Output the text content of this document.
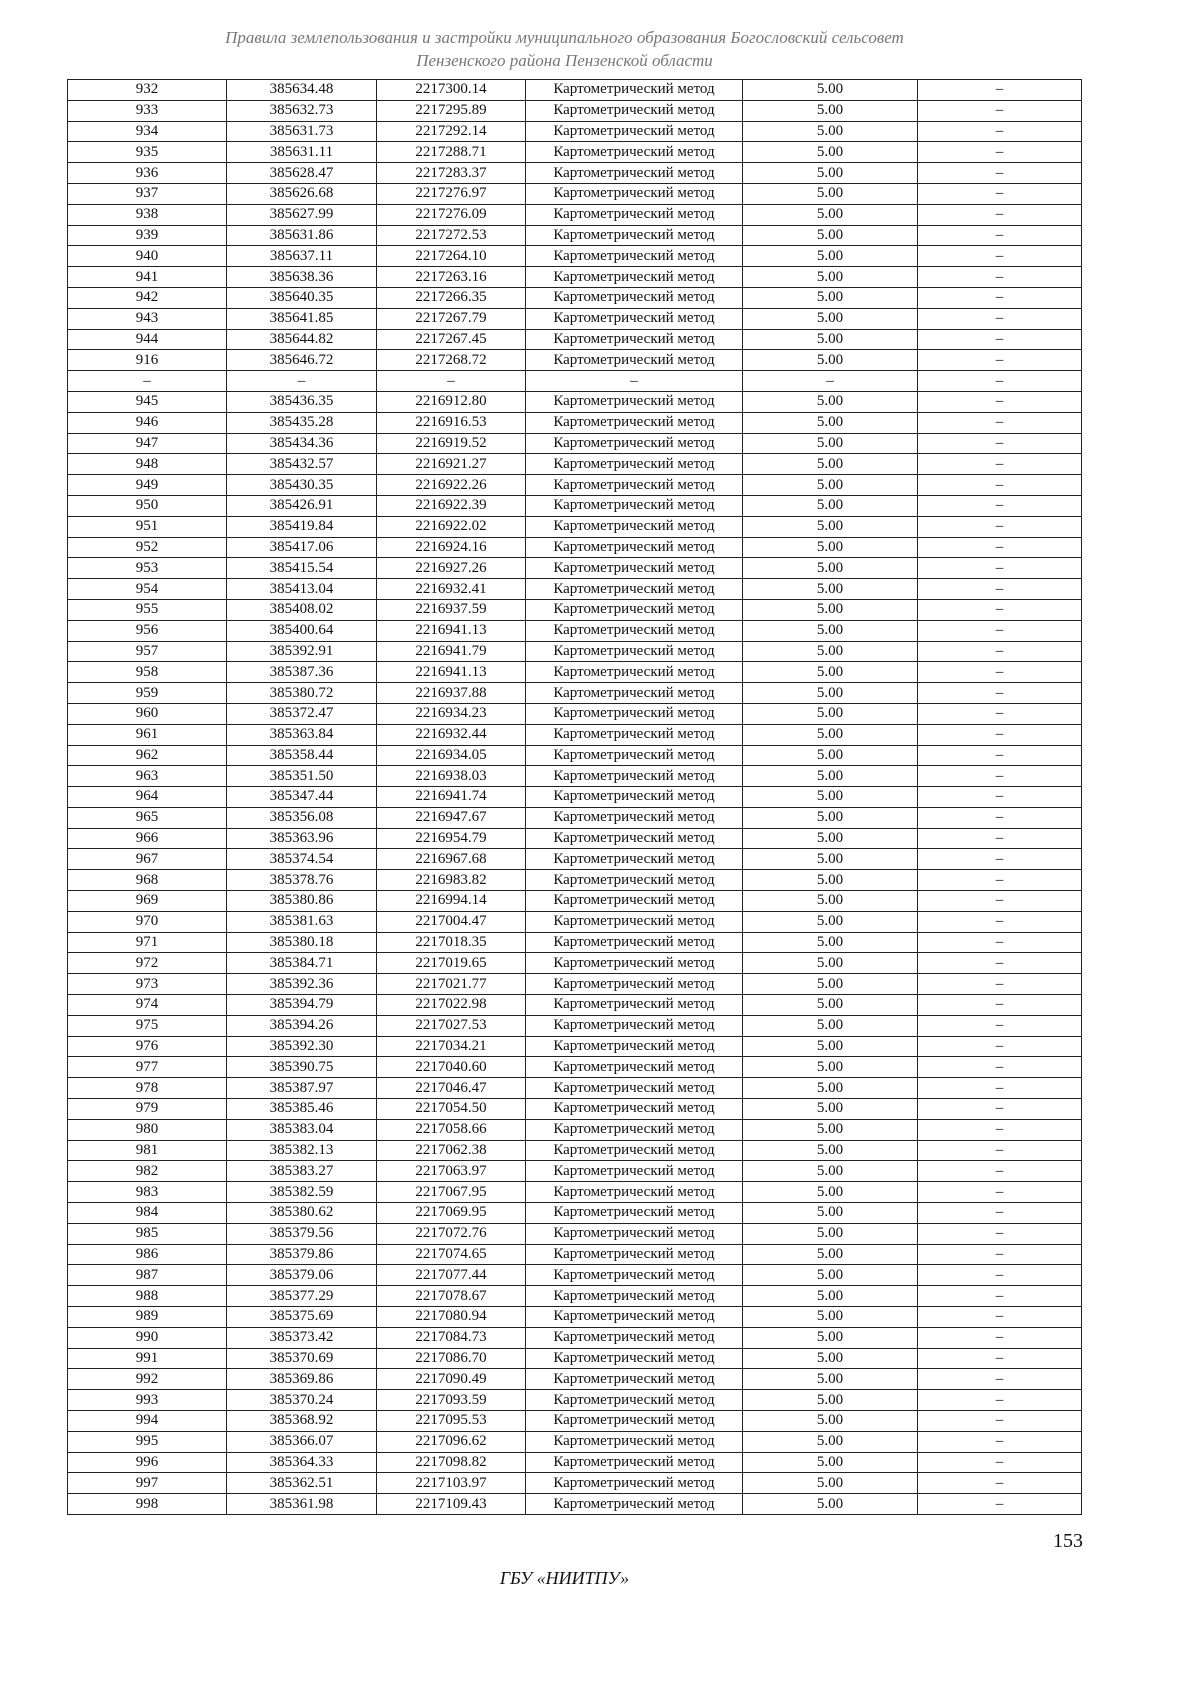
Правила землепользования и застройки муниципального образования Богословский сельсовет
Пензенского района Пензенской области
932	385634.48	2217300.14	Картометрический метод	5.00	–
933	385632.73	2217295.89	Картометрический метод	5.00	–
934	385631.73	2217292.14	Картометрический метод	5.00	–
935	385631.11	2217288.71	Картометрический метод	5.00	–
936	385628.47	2217283.37	Картометрический метод	5.00	–
937	385626.68	2217276.97	Картометрический метод	5.00	–
938	385627.99	2217276.09	Картометрический метод	5.00	–
939	385631.86	2217272.53	Картометрический метод	5.00	–
940	385637.11	2217264.10	Картометрический метод	5.00	–
941	385638.36	2217263.16	Картометрический метод	5.00	–
942	385640.35	2217266.35	Картометрический метод	5.00	–
943	385641.85	2217267.79	Картометрический метод	5.00	–
944	385644.82	2217267.45	Картометрический метод	5.00	–
916	385646.72	2217268.72	Картометрический метод	5.00	–
–	–	–	–	–	–
945	385436.35	2216912.80	Картометрический метод	5.00	–
946	385435.28	2216916.53	Картометрический метод	5.00	–
947	385434.36	2216919.52	Картометрический метод	5.00	–
948	385432.57	2216921.27	Картометрический метод	5.00	–
949	385430.35	2216922.26	Картометрический метод	5.00	–
950	385426.91	2216922.39	Картометрический метод	5.00	–
951	385419.84	2216922.02	Картометрический метод	5.00	–
952	385417.06	2216924.16	Картометрический метод	5.00	–
953	385415.54	2216927.26	Картометрический метод	5.00	–
954	385413.04	2216932.41	Картометрический метод	5.00	–
955	385408.02	2216937.59	Картометрический метод	5.00	–
956	385400.64	2216941.13	Картометрический метод	5.00	–
957	385392.91	2216941.79	Картометрический метод	5.00	–
958	385387.36	2216941.13	Картометрический метод	5.00	–
959	385380.72	2216937.88	Картометрический метод	5.00	–
960	385372.47	2216934.23	Картометрический метод	5.00	–
961	385363.84	2216932.44	Картометрический метод	5.00	–
962	385358.44	2216934.05	Картометрический метод	5.00	–
963	385351.50	2216938.03	Картометрический метод	5.00	–
964	385347.44	2216941.74	Картометрический метод	5.00	–
965	385356.08	2216947.67	Картометрический метод	5.00	–
966	385363.96	2216954.79	Картометрический метод	5.00	–
967	385374.54	2216967.68	Картометрический метод	5.00	–
968	385378.76	2216983.82	Картометрический метод	5.00	–
969	385380.86	2216994.14	Картометрический метод	5.00	–
970	385381.63	2217004.47	Картометрический метод	5.00	–
971	385380.18	2217018.35	Картометрический метод	5.00	–
972	385384.71	2217019.65	Картометрический метод	5.00	–
973	385392.36	2217021.77	Картометрический метод	5.00	–
974	385394.79	2217022.98	Картометрический метод	5.00	–
975	385394.26	2217027.53	Картометрический метод	5.00	–
976	385392.30	2217034.21	Картометрический метод	5.00	–
977	385390.75	2217040.60	Картометрический метод	5.00	–
978	385387.97	2217046.47	Картометрический метод	5.00	–
979	385385.46	2217054.50	Картометрический метод	5.00	–
980	385383.04	2217058.66	Картометрический метод	5.00	–
981	385382.13	2217062.38	Картометрический метод	5.00	–
982	385383.27	2217063.97	Картометрический метод	5.00	–
983	385382.59	2217067.95	Картометрический метод	5.00	–
984	385380.62	2217069.95	Картометрический метод	5.00	–
985	385379.56	2217072.76	Картометрический метод	5.00	–
986	385379.86	2217074.65	Картометрический метод	5.00	–
987	385379.06	2217077.44	Картометрический метод	5.00	–
988	385377.29	2217078.67	Картометрический метод	5.00	–
989	385375.69	2217080.94	Картометрический метод	5.00	–
990	385373.42	2217084.73	Картометрический метод	5.00	–
991	385370.69	2217086.70	Картометрический метод	5.00	–
992	385369.86	2217090.49	Картометрический метод	5.00	–
993	385370.24	2217093.59	Картометрический метод	5.00	–
994	385368.92	2217095.53	Картометрический метод	5.00	–
995	385366.07	2217096.62	Картометрический метод	5.00	–
996	385364.33	2217098.82	Картометрический метод	5.00	–
997	385362.51	2217103.97	Картометрический метод	5.00	–
998	385361.98	2217109.43	Картометрический метод	5.00	–
153
ГБУ «НИИТПУ»
